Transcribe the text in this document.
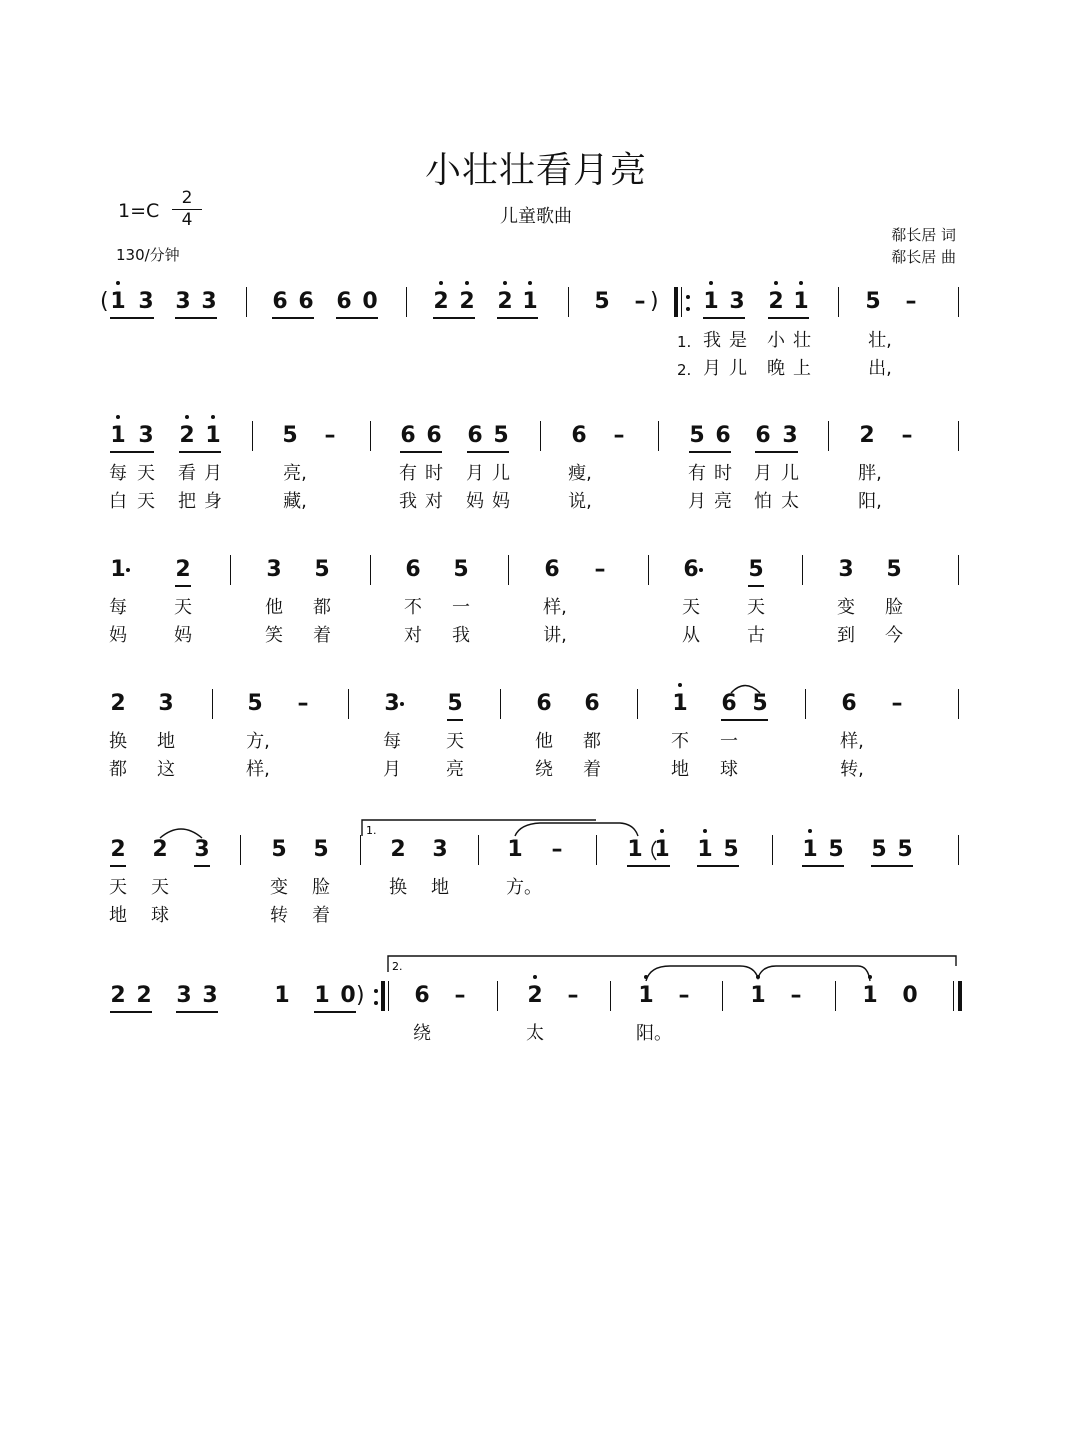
小壮壮看月亮
儿童歌曲
1=C
2
4
130/分钟
郗长居 词
郗长居 曲
( 1 3 3 3	6 6 6 0	2 2 2 1	5 –	1 3 2 1	5 –
)
我 是 小 壮	壮,
月 儿 晚 上	出,
1.
2.
1 3 2 1	5 –	6 6 6 5	6 –	5 6 6 3	2 –
每 天 看 月	亮,	有 时 月 儿	瘦,	有 时 月 儿	胖,
白 天 把 身	藏,	我 对 妈 妈	说,	月 亮 怕 太	阳,
1 2	3 5	6 5	6 –	6 5	3 5
每	天	他 都	不 一	样,	天	天	变 脸
妈	妈	笑 着	对 我	讲,	从	古	到 今
2 3	5 –	3 5	6 6	1 6 5	6 –
换 地	方,	每	天	他 都	不 一	样,
都 这	样,	月	亮	绕 着	地 球	转,
2 2 3	5 5	2 3	1 –	1 1 1 5	1 5 5 5
天 天	变 脸	换 地	方。
地 球	转 着
2 2 3 3	1 1 0	6 –	2 –	1 –	1 –	1 0
)
绕	太	阳。
1.
2.
